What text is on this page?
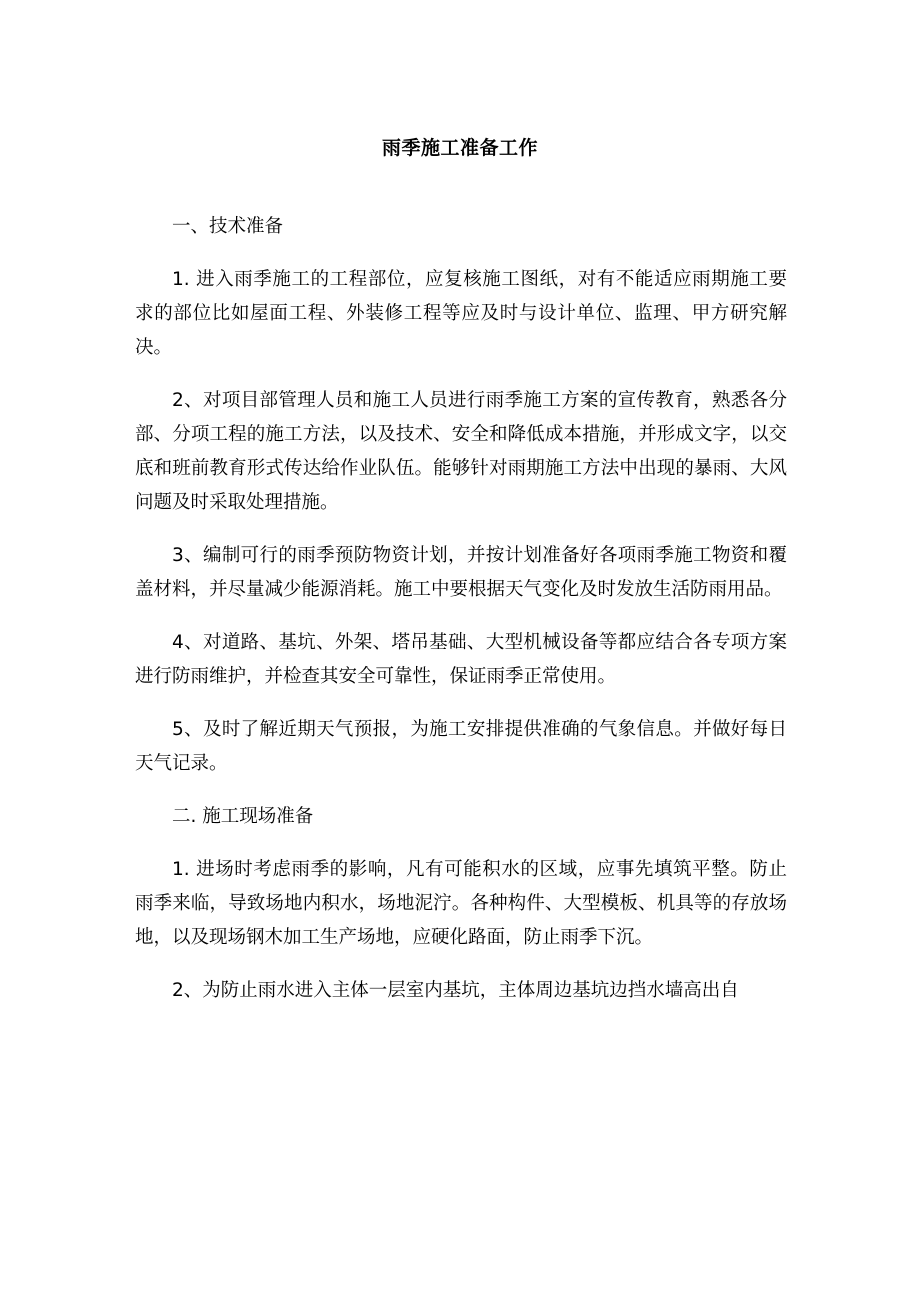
雨季施工准备工作

一、技术准备

1. 进入雨季施工的工程部位，应复核施工图纸，对有不能适应雨期施工要求的部位比如屋面工程、外装修工程等应及时与设计单位、监理、甲方研究解决。

2、对项目部管理人员和施工人员进行雨季施工方案的宣传教育，熟悉各分部、分项工程的施工方法，以及技术、安全和降低成本措施，并形成文字，以交底和班前教育形式传达给作业队伍。能够针对雨期施工方法中出现的暴雨、大风问题及时采取处理措施。

3、编制可行的雨季预防物资计划，并按计划准备好各项雨季施工物资和覆盖材料，并尽量减少能源消耗。施工中要根据天气变化及时发放生活防雨用品。

4、对道路、基坑、外架、塔吊基础、大型机械设备等都应结合各专项方案进行防雨维护，并检查其安全可靠性，保证雨季正常使用。

5、及时了解近期天气预报，为施工安排提供准确的气象信息。并做好每日天气记录。

二. 施工现场准备

1. 进场时考虑雨季的影响，凡有可能积水的区域，应事先填筑平整。防止雨季来临，导致场地内积水，场地泥泞。各种构件、大型模板、机具等的存放场地，以及现场钢木加工生产场地，应硬化路面，防止雨季下沉。

2、为防止雨水进入主体一层室内基坑，主体周边基坑边挡水墙高出自
